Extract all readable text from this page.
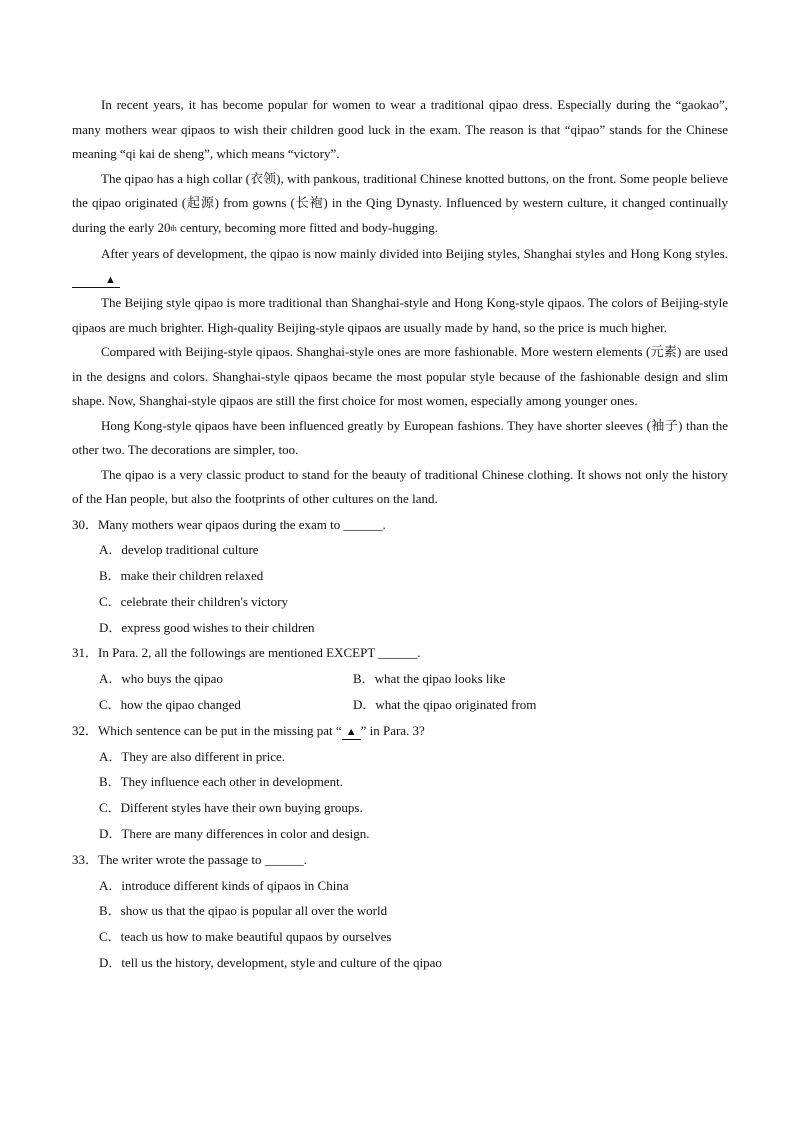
In recent years, it has become popular for women to wear a traditional qipao dress. Especially during the “gaokao”, many mothers wear qipaos to wish their children good luck in the exam. The reason is that “qipao” stands for the Chinese meaning “qi kai de sheng”, which means “victory”.

The qipao has a high collar (衣领), with pankous, traditional Chinese knotted buttons, on the front. Some people believe the qipao originated (起源) from gowns (长袍) in the Qing Dynasty. Influenced by western culture, it changed continually during the early 20th century, becoming more fitted and body-hugging.

After years of development, the qipao is now mainly divided into Beijing styles, Shanghai styles and Hong Kong styles. ▲

The Beijing style qipao is more traditional than Shanghai-style and Hong Kong-style qipaos. The colors of Beijing-style qipaos are much brighter. High-quality Beijing-style qipaos are usually made by hand, so the price is much higher.

Compared with Beijing-style qipaos. Shanghai-style ones are more fashionable. More western elements (元素) are used in the designs and colors. Shanghai-style qipaos became the most popular style because of the fashionable design and slim shape. Now, Shanghai-style qipaos are still the first choice for most women, especially among younger ones.

Hong Kong-style qipaos have been influenced greatly by European fashions. They have shorter sleeves (袖子) than the other two. The decorations are simpler, too.

The qipao is a very classic product to stand for the beauty of traditional Chinese clothing. It shows not only the history of the Han people, but also the footprints of other cultures on the land.

30．Many mothers wear qipaos during the exam to ______.

A．develop traditional culture

B．make their children relaxed

C．celebrate their children's victory

D．express good wishes to their children

31．In Para. 2, all the followings are mentioned EXCEPT ______.

A．who buys the qipao	B．what the qipao looks like
C．how the qipao changed	D．what the qipao originated from

32．Which sentence can be put in the missing pat “ ▲ ” in Para. 3?

A．They are also different in price.

B．They influence each other in development.

C．Different styles have their own buying groups.

D．There are many differences in color and design.

33．The writer wrote the passage to ______.

A．introduce different kinds of qipaos in China

B．show us that the qipao is popular all over the world

C．teach us how to make beautiful qupaos by ourselves

D．tell us the history, development, style and culture of the qipao
